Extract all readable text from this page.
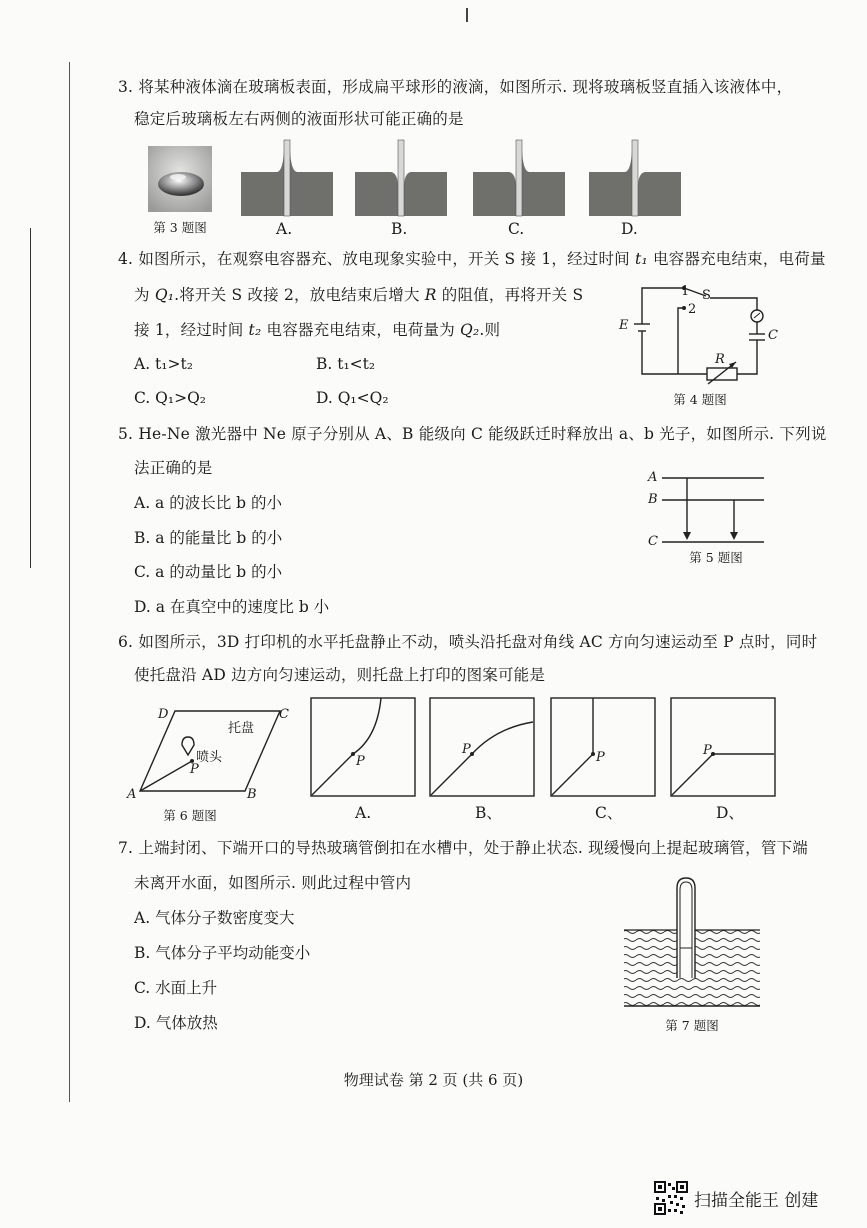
3. 将某种液体滴在玻璃板表面，形成扁平球形的液滴，如图所示. 现将玻璃板竖直插入该液体中，
稳定后玻璃板左右两侧的液面形状可能正确的是
第 3 题图	A.	B.	C.	D.
4. 如图所示，在观察电容器充、放电现象实验中，开关 S 接 1，经过时间 t₁ 电容器充电结束，电荷量
为 Q₁.将开关 S 改接 2，放电结束后增大 R 的阻值，再将开关 S
接 1，经过时间 t₂ 电容器充电结束，电荷量为 Q₂.则
A. t₁>t₂	B. t₁<t₂
C. Q₁>Q₂	D. Q₁<Q₂
E
1 S
2
C
R
第 4 题图
5. He-Ne 激光器中 Ne 原子分别从 A、B 能级向 C 能级跃迁时释放出 a、b 光子，如图所示. 下列说
法正确的是
A. a 的波长比 b 的小
B. a 的能量比 b 的小
C. a 的动量比 b 的小
D. a 在真空中的速度比 b 小
A
B
C
第 5 题图
6. 如图所示，3D 打印机的水平托盘静止不动，喷头沿托盘对角线 AC 方向匀速运动至 P 点时，同时
使托盘沿 AD 边方向匀速运动，则托盘上打印的图案可能是
D	C
托盘
喷头
P
A	B
第 6 题图
P
A.
P
B、
P
C、
P
D、
7. 上端封闭、下端开口的导热玻璃管倒扣在水槽中，处于静止状态. 现缓慢向上提起玻璃管，管下端
未离开水面，如图所示. 则此过程中管内
A. 气体分子数密度变大
B. 气体分子平均动能变小
C. 水面上升
D. 气体放热	第 7 题图
物理试卷 第 2 页 (共 6 页)
扫描全能王 创建
